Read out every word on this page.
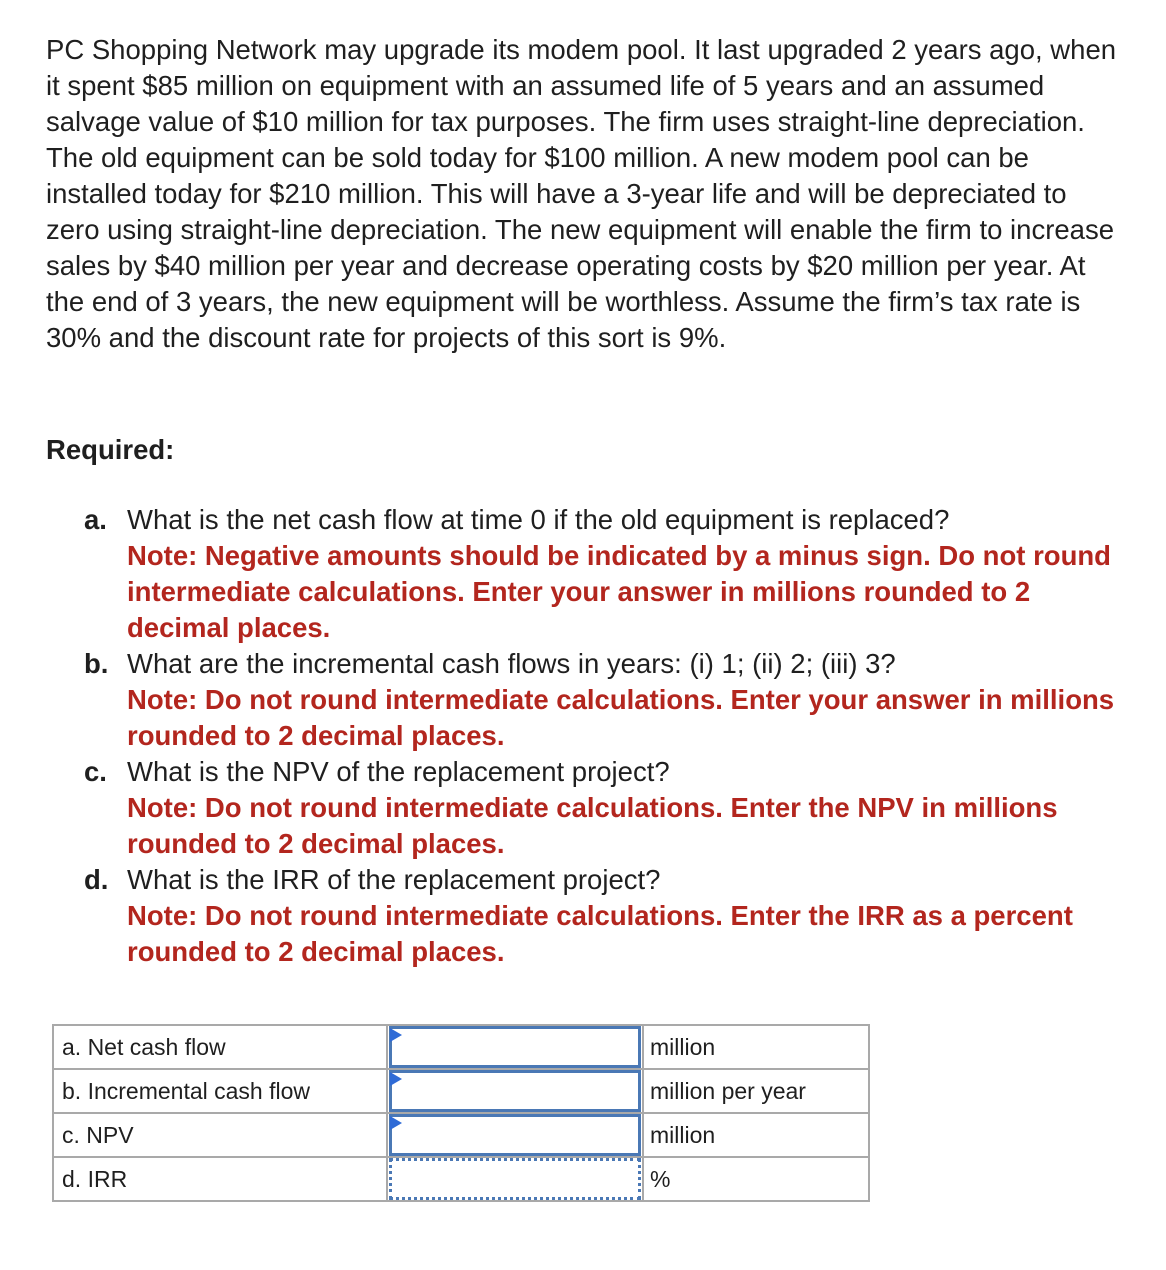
PC Shopping Network may upgrade its modem pool. It last upgraded 2 years ago, when it spent $85 million on equipment with an assumed life of 5 years and an assumed salvage value of $10 million for tax purposes. The firm uses straight-line depreciation. The old equipment can be sold today for $100 million. A new modem pool can be installed today for $210 million. This will have a 3-year life and will be depreciated to zero using straight-line depreciation. The new equipment will enable the firm to increase sales by $40 million per year and decrease operating costs by $20 million per year. At the end of 3 years, the new equipment will be worthless. Assume the firm’s tax rate is 30% and the discount rate for projects of this sort is 9%.

Required:
a. What is the net cash flow at time 0 if the old equipment is replaced?
Note: Negative amounts should be indicated by a minus sign. Do not round intermediate calculations. Enter your answer in millions rounded to 2 decimal places.
b. What are the incremental cash flows in years: (i) 1; (ii) 2; (iii) 3?
Note: Do not round intermediate calculations. Enter your answer in millions rounded to 2 decimal places.
c. What is the NPV of the replacement project?
Note: Do not round intermediate calculations. Enter the NPV in millions rounded to 2 decimal places.
d. What is the IRR of the replacement project?
Note: Do not round intermediate calculations. Enter the IRR as a percent rounded to 2 decimal places.
a. Net cash flow		million
b. Incremental cash flow		million per year
c. NPV		million
d. IRR		%
